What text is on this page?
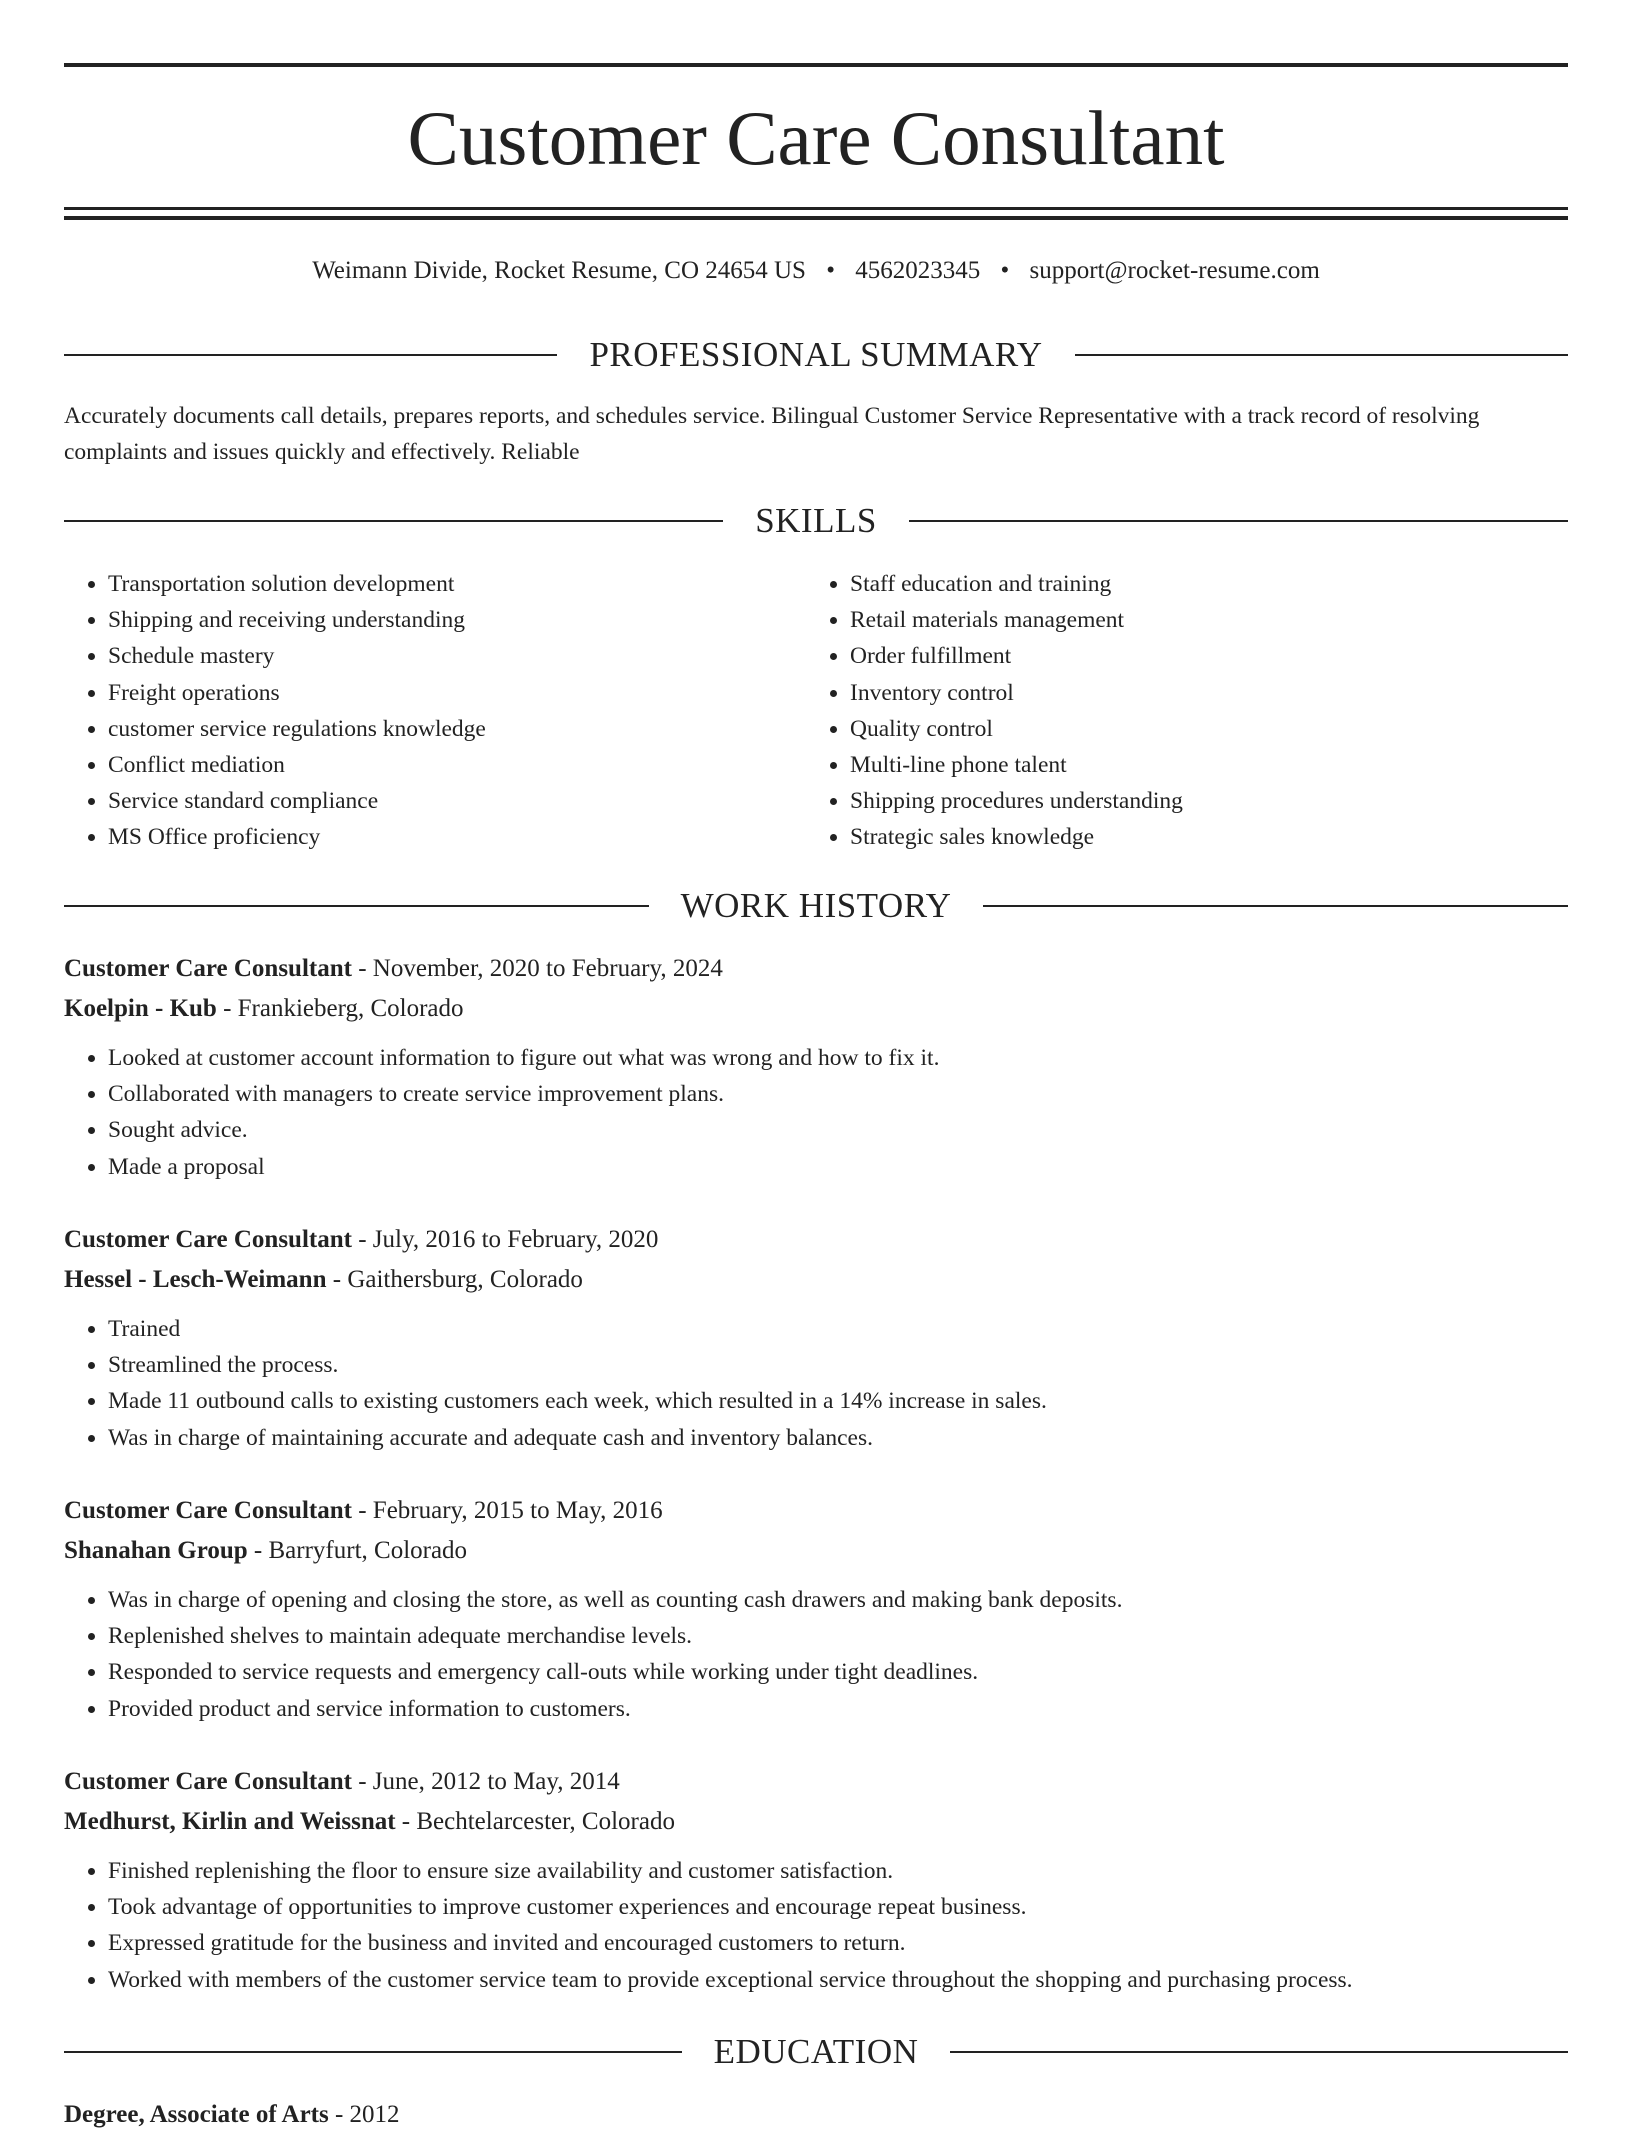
Customer Care Consultant
Weimann Divide, Rocket Resume, CO 24654 US • 4562023345 • support@rocket-resume.com
PROFESSIONAL SUMMARY
Accurately documents call details, prepares reports, and schedules service. Bilingual Customer Service Representative with a track record of resolving complaints and issues quickly and effectively. Reliable
SKILLS
• Transportation solution development
• Shipping and receiving understanding
• Schedule mastery
• Freight operations
• customer service regulations knowledge
• Conflict mediation
• Service standard compliance
• MS Office proficiency
• Staff education and training
• Retail materials management
• Order fulfillment
• Inventory control
• Quality control
• Multi-line phone talent
• Shipping procedures understanding
• Strategic sales knowledge
WORK HISTORY
Customer Care Consultant - November, 2020 to February, 2024
Koelpin - Kub - Frankieberg, Colorado
• Looked at customer account information to figure out what was wrong and how to fix it.
• Collaborated with managers to create service improvement plans.
• Sought advice.
• Made a proposal
Customer Care Consultant - July, 2016 to February, 2020
Hessel - Lesch-Weimann - Gaithersburg, Colorado
• Trained
• Streamlined the process.
• Made 11 outbound calls to existing customers each week, which resulted in a 14% increase in sales.
• Was in charge of maintaining accurate and adequate cash and inventory balances.
Customer Care Consultant - February, 2015 to May, 2016
Shanahan Group - Barryfurt, Colorado
• Was in charge of opening and closing the store, as well as counting cash drawers and making bank deposits.
• Replenished shelves to maintain adequate merchandise levels.
• Responded to service requests and emergency call-outs while working under tight deadlines.
• Provided product and service information to customers.
Customer Care Consultant - June, 2012 to May, 2014
Medhurst, Kirlin and Weissnat - Bechtelarcester, Colorado
• Finished replenishing the floor to ensure size availability and customer satisfaction.
• Took advantage of opportunities to improve customer experiences and encourage repeat business.
• Expressed gratitude for the business and invited and encouraged customers to return.
• Worked with members of the customer service team to provide exceptional service throughout the shopping and purchasing process.
EDUCATION
Degree, Associate of Arts - 2012
